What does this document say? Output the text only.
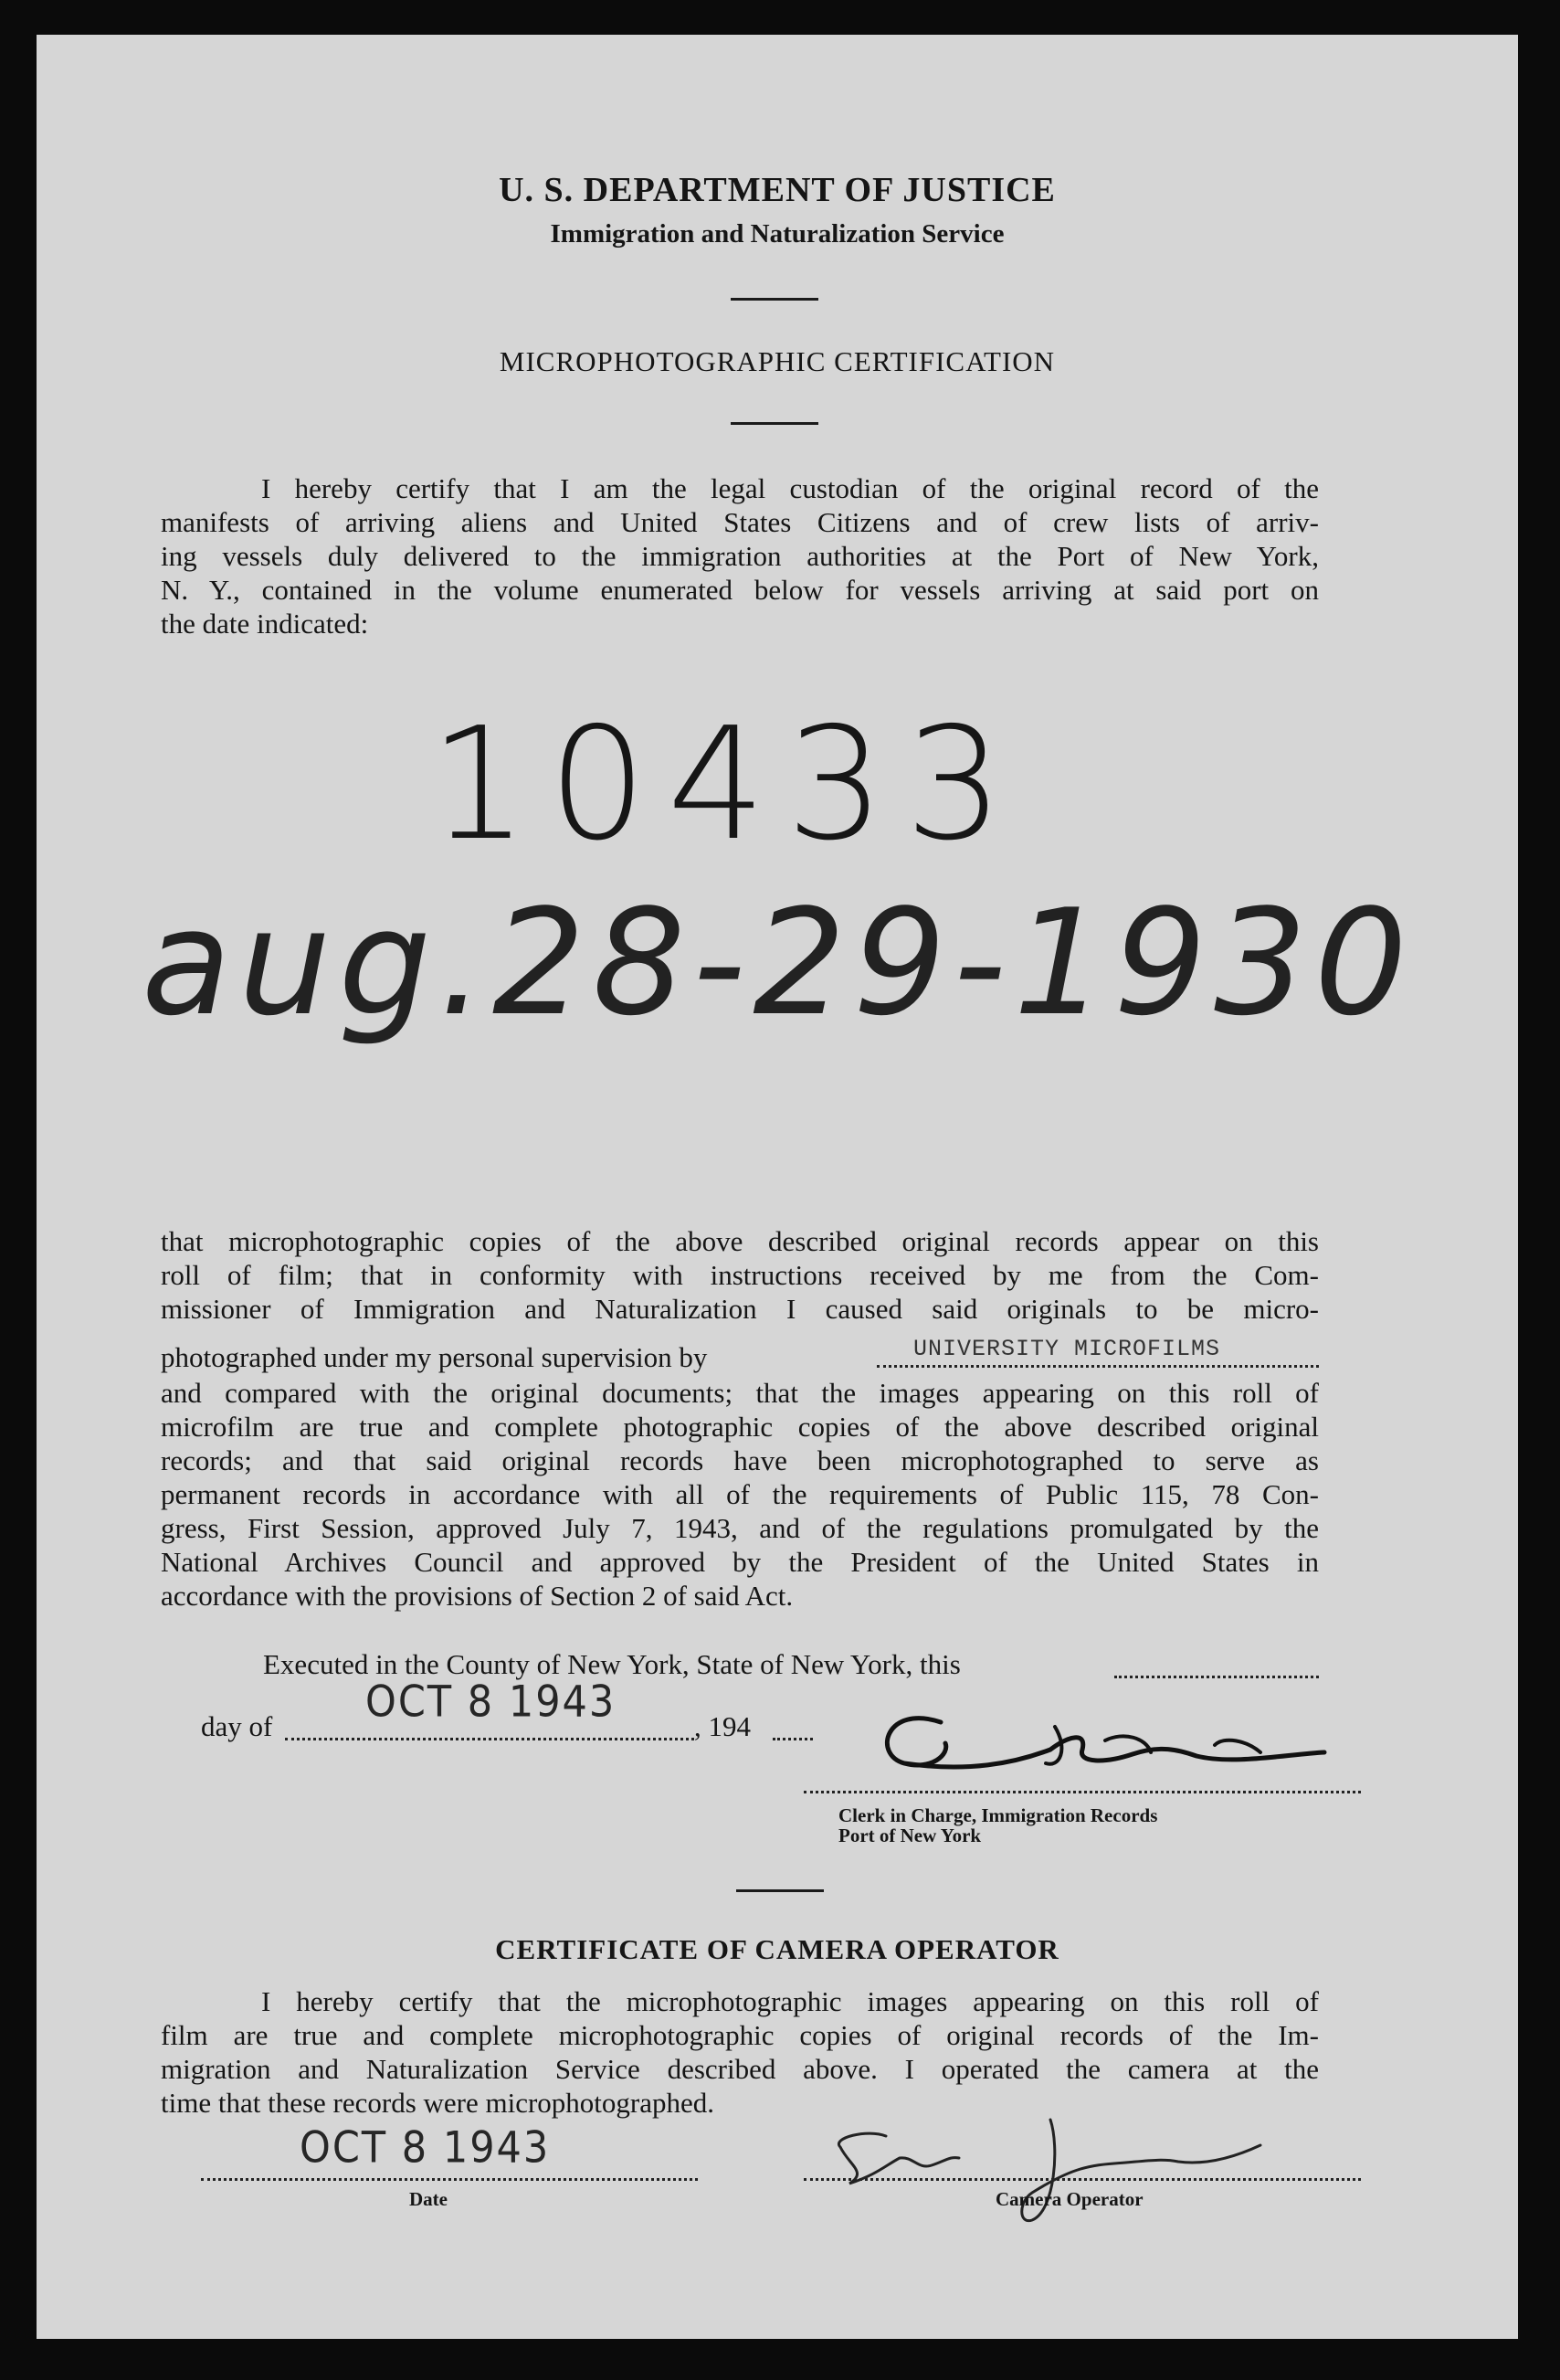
U. S. DEPARTMENT OF JUSTICE
Immigration and Naturalization Service
MICROPHOTOGRAPHIC CERTIFICATION
I hereby certify that I am the legal custodian of the original record of the
manifests of arriving aliens and United States Citizens and of crew lists of arriv-
ing vessels duly delivered to the immigration authorities at the Port of New York,
N. Y., contained in the volume enumerated below for vessels arriving at said port on
the date indicated:
10433
aug.28-29-1930
that microphotographic copies of the above described original records appear on this
roll of film; that in conformity with instructions received by me from the Com-
missioner of Immigration and Naturalization I caused said originals to be micro-
photographed under my personal supervision by	UNIVERSITY MICROFILMS
and compared with the original documents; that the images appearing on this roll of
microfilm are true and complete photographic copies of the above described original
records; and that said original records have been microphotographed to serve as
permanent records in accordance with all of the requirements of Public 115, 78 Con-
gress, First Session, approved July 7, 1943, and of the regulations promulgated by the
National Archives Council and approved by the President of the United States in
accordance with the provisions of Section 2 of said Act.
Executed in the County of New York, State of New York, this
day of OCT 8 1943	, 194
Geo. Baesner
Clerk in Charge, Immigration Records
Port of New York
CERTIFICATE OF CAMERA OPERATOR
I hereby certify that the microphotographic images appearing on this roll of
film are true and complete microphotographic copies of original records of the Im-
migration and Naturalization Service described above. I operated the camera at the
time that these records were microphotographed.
OCT 8 1943
Date
Eva Jackson
Camera Operator
